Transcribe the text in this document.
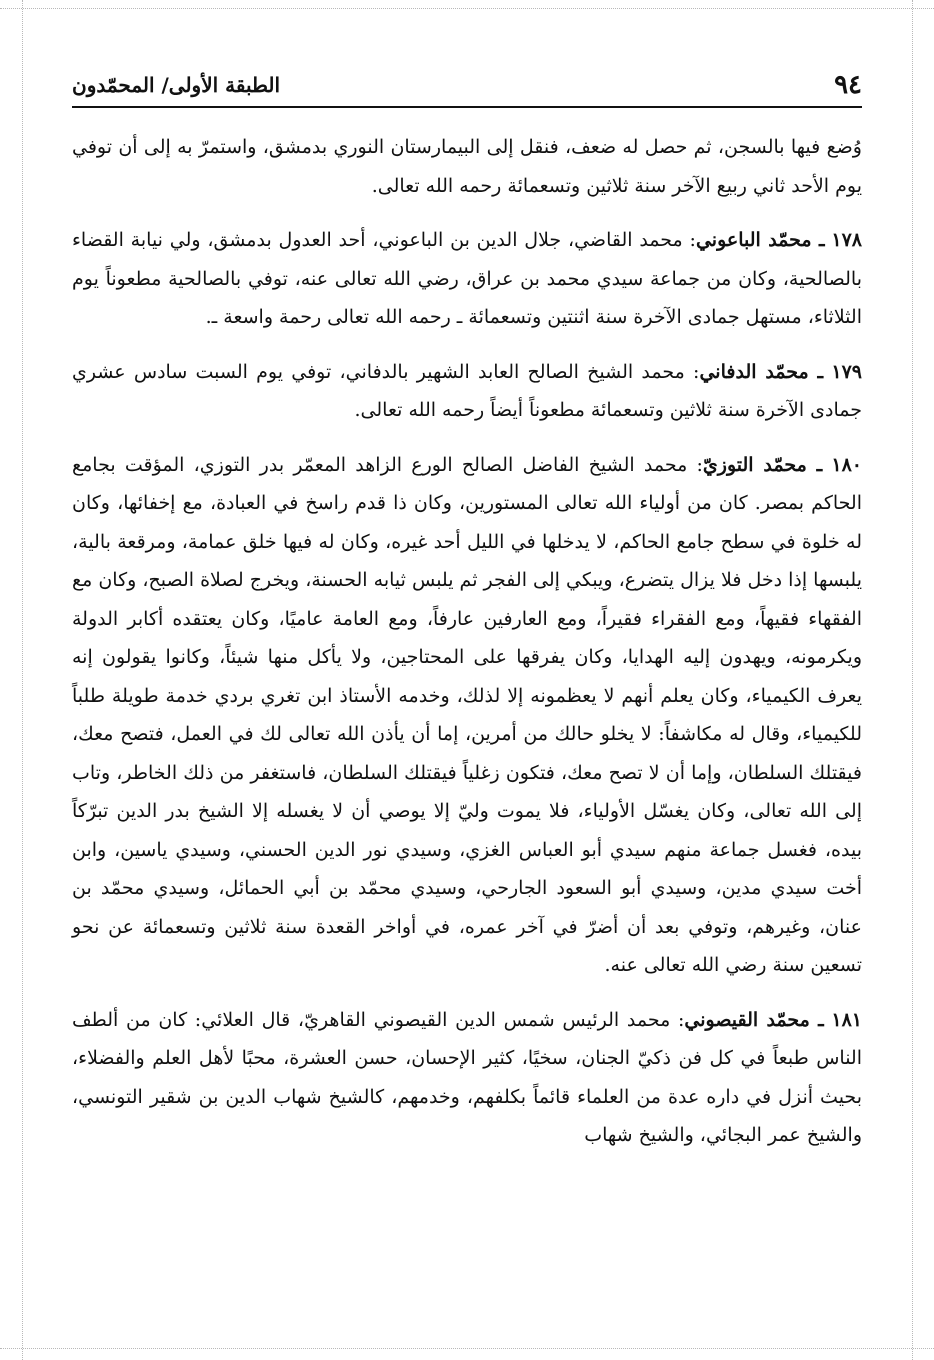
٩٤
الطبقة الأولى/ المحمّدون

وُضع فيها بالسجن، ثم حصل له ضعف، فنقل إلى البيمارستان النوري بدمشق، واستمرّ به إلى أن توفي يوم الأحد ثاني ربيع الآخر سنة ثلاثين وتسعمائة رحمه الله تعالى.

١٧٨ ـ محمّد الباعوني: محمد القاضي، جلال الدين بن الباعوني، أحد العدول بدمشق، ولي نيابة القضاء بالصالحية، وكان من جماعة سيدي محمد بن عراق، رضي الله تعالى عنه، توفي بالصالحية مطعوناً يوم الثلاثاء، مستهل جمادى الآخرة سنة اثنتين وتسعمائة ـ رحمه الله تعالى رحمة واسعة ـ.

١٧٩ ـ محمّد الدفاني: محمد الشيخ الصالح العابد الشهير بالدفاني، توفي يوم السبت سادس عشري جمادى الآخرة سنة ثلاثين وتسعمائة مطعوناً أيضاً رحمه الله تعالى.

١٨٠ ـ محمّد التوزيّ: محمد الشيخ الفاضل الصالح الورع الزاهد المعمّر بدر التوزي، المؤقت بجامع الحاكم بمصر. كان من أولياء الله تعالى المستورين، وكان ذا قدم راسخ في العبادة، مع إخفائها، وكان له خلوة في سطح جامع الحاكم، لا يدخلها في الليل أحد غيره، وكان له فيها خلق عمامة، ومرقعة بالية، يلبسها إذا دخل فلا يزال يتضرع، ويبكي إلى الفجر ثم يلبس ثيابه الحسنة، ويخرج لصلاة الصبح، وكان مع الفقهاء فقيهاً، ومع الفقراء فقيراً، ومع العارفين عارفاً، ومع العامة عاميًا، وكان يعتقده أكابر الدولة ويكرمونه، ويهدون إليه الهدايا، وكان يفرقها على المحتاجين، ولا يأكل منها شيئاً، وكانوا يقولون إنه يعرف الكيمياء، وكان يعلم أنهم لا يعظمونه إلا لذلك، وخدمه الأستاذ ابن تغري بردي خدمة طويلة طلباً للكيمياء، وقال له مكاشفاً: لا يخلو حالك من أمرين، إما أن يأذن الله تعالى لك في العمل، فتصح معك، فيقتلك السلطان، وإما أن لا تصح معك، فتكون زغلياً فيقتلك السلطان، فاستغفر من ذلك الخاطر، وتاب إلى الله تعالى، وكان يغسّل الأولياء، فلا يموت وليّ إلا يوصي أن لا يغسله إلا الشيخ بدر الدين تبرّكاً بيده، فغسل جماعة منهم سيدي أبو العباس الغزي، وسيدي نور الدين الحسني، وسيدي ياسين، وابن أخت سيدي مدين، وسيدي أبو السعود الجارحي، وسيدي محمّد بن أبي الحمائل، وسيدي محمّد بن عنان، وغيرهم، وتوفي بعد أن أضرّ في آخر عمره، في أواخر القعدة سنة ثلاثين وتسعمائة عن نحو تسعين سنة رضي الله تعالى عنه.

١٨١ ـ محمّد القيصوني: محمد الرئيس شمس الدين القيصوني القاهريّ، قال العلائي: كان من ألطف الناس طبعاً في كل فن ذكيّ الجنان، سخيًا، كثير الإحسان، حسن العشرة، محبًا لأهل العلم والفضلاء، بحيث أنزل في داره عدة من العلماء قائماً بكلفهم، وخدمهم، كالشيخ شهاب الدين بن شقير التونسي، والشيخ عمر البجائي، والشيخ شهاب
